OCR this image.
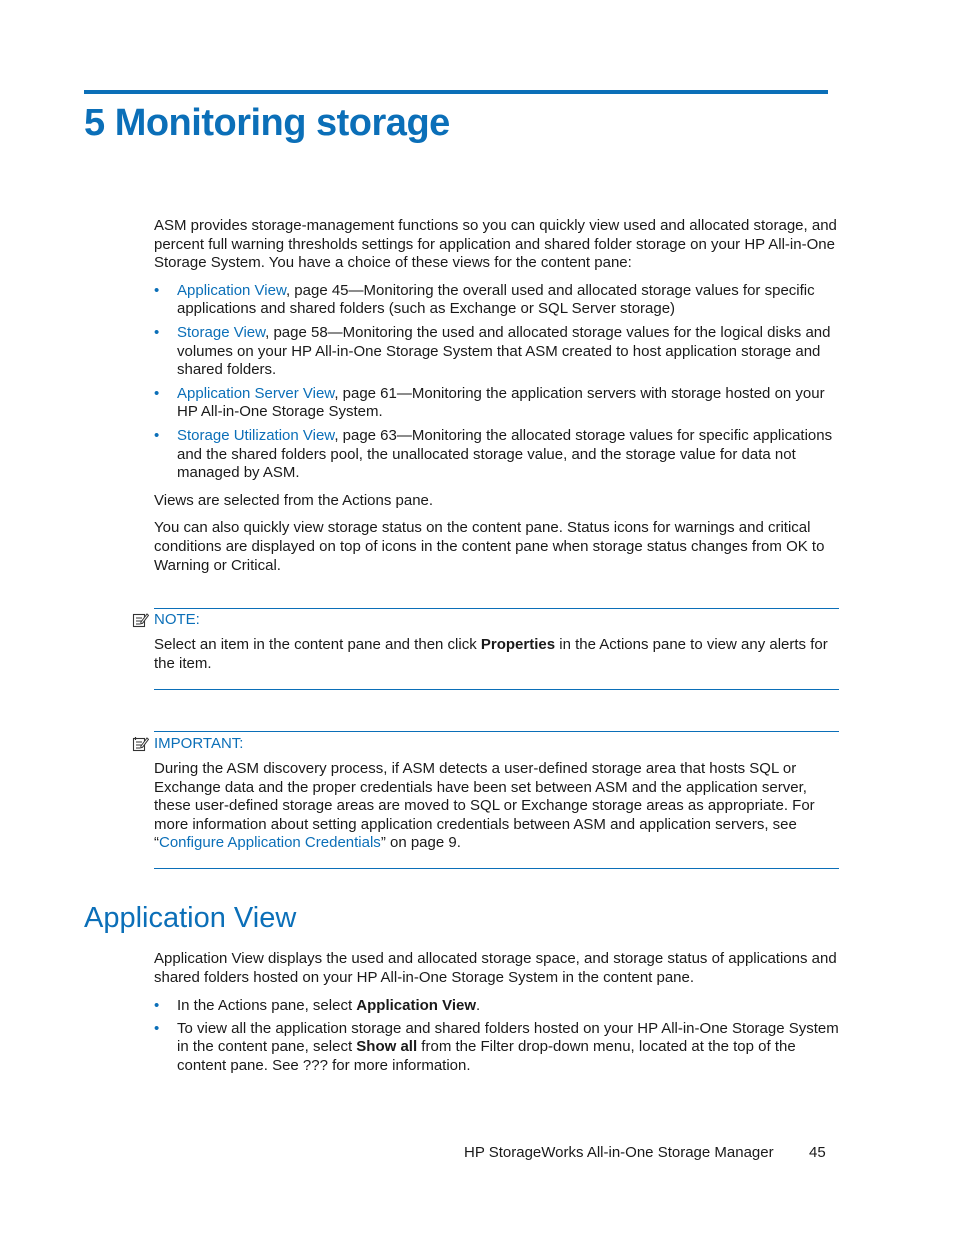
5 Monitoring storage

ASM provides storage-management functions so you can quickly view used and allocated storage, and percent full warning thresholds settings for application and shared folder storage on your HP All-in-One Storage System. You have a choice of these views for the content pane:

• Application View, page 45—Monitoring the overall used and allocated storage values for specific applications and shared folders (such as Exchange or SQL Server storage)
• Storage View, page 58—Monitoring the used and allocated storage values for the logical disks and volumes on your HP All-in-One Storage System that ASM created to host application storage and shared folders.
• Application Server View, page 61—Monitoring the application servers with storage hosted on your HP All-in-One Storage System.
• Storage Utilization View, page 63—Monitoring the allocated storage values for specific applications and the shared folders pool, the unallocated storage value, and the storage value for data not managed by ASM.

Views are selected from the Actions pane.

You can also quickly view storage status on the content pane. Status icons for warnings and critical conditions are displayed on top of icons in the content pane when storage status changes from OK to Warning or Critical.

NOTE:

Select an item in the content pane and then click Properties in the Actions pane to view any alerts for the item.

IMPORTANT:

During the ASM discovery process, if ASM detects a user-defined storage area that hosts SQL or Exchange data and the proper credentials have been set between ASM and the application server, these user-defined storage areas are moved to SQL or Exchange storage areas as appropriate. For more information about setting application credentials between ASM and application servers, see

“Configure Application Credentials” on page 9.

Application View

Application View displays the used and allocated storage space, and storage status of applications and shared folders hosted on your HP All-in-One Storage System in the content pane.

• In the Actions pane, select Application View.
• To view all the application storage and shared folders hosted on your HP All-in-One Storage System in the content pane, select Show all from the Filter drop-down menu, located at the top of the content pane. See ??? for more information.
HP StorageWorks All-in-One Storage Manager 45
